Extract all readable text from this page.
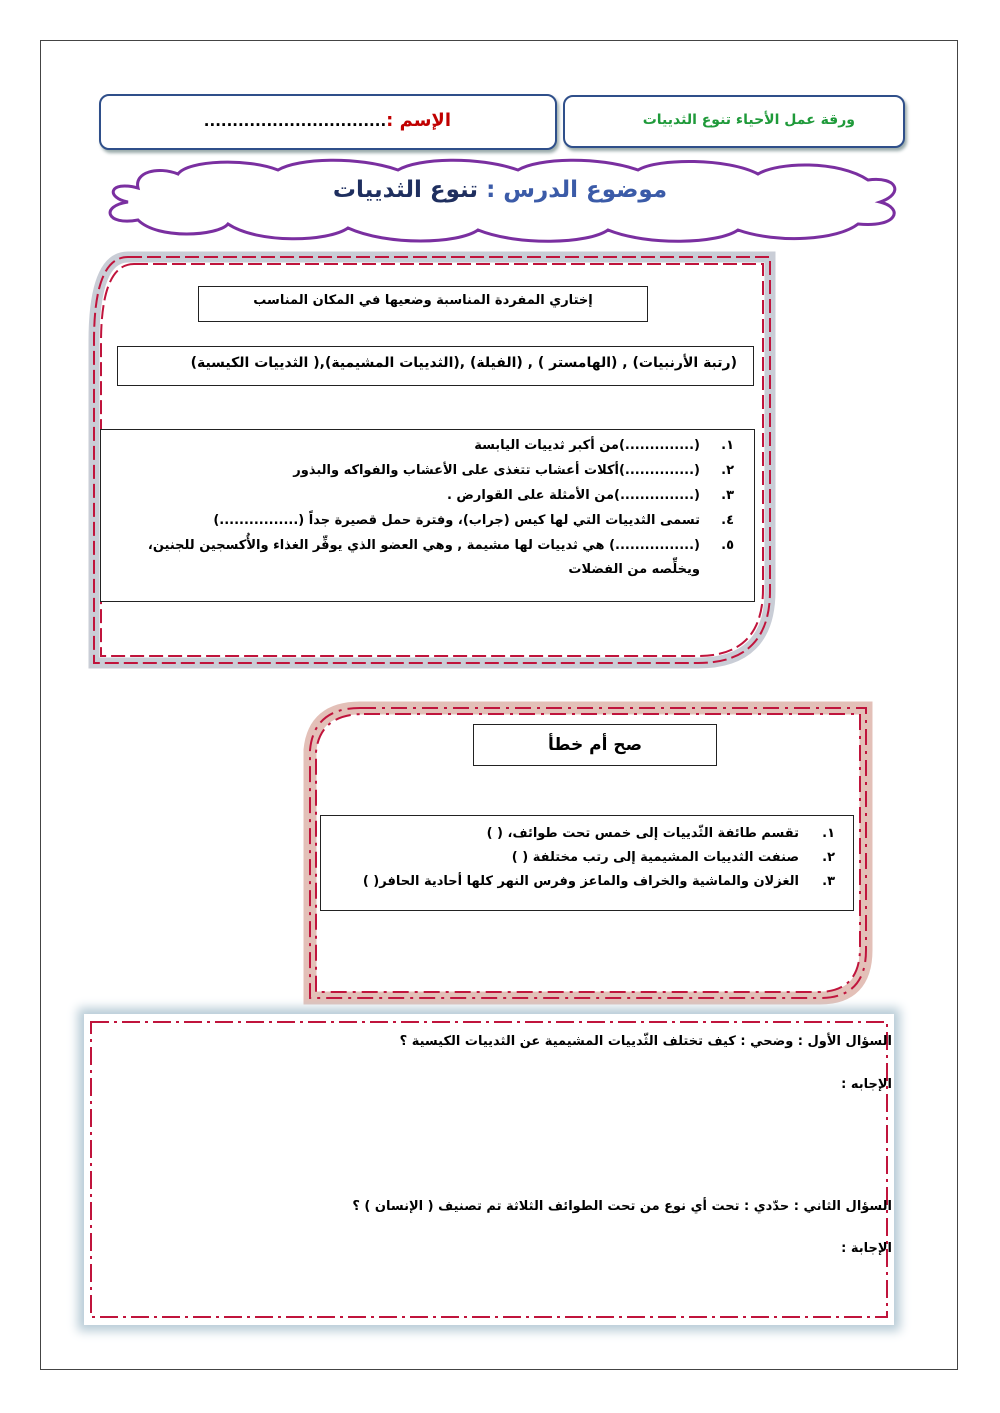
ورقة عمل الأحياء تنوع الثدييات
الإسم :................................
موضوع الدرس : تنوع الثدييات
إختاري المفردة المناسبة وضعيها في المكان المناسب
(رتبة الأرنبيات) , (الهامستر ) , (الفيلة) ,(الثدييات المشيمية),( الثدييات الكيسية)
١.(..............)من أكبر ثدييات اليابسة
٢.(..............)أكلات أعشاب تتغذى على الأعشاب والفواكه والبذور
٣.(...............)من الأمثلة على القوارض .
٤.تسمى الثدييات التي لها كيس (جراب)، وفترة حمل قصيرة جداً (................)
٥.(................) هي ثدييات لها مشيمة , وهي العضو الذي يوفِّر الغذاء والأُكسجين للجنين،
ويخلِّصه من الفضلات
صح أم خطأ
١.تقسم طائفة الثّدييات إلى خمس تحت طوائف، ( )
٢.صنفت الثدييات المشيمية إلى رتب مختلفة ( )
٣.الغزلان والماشية والخراف والماعز وفرس النهر كلها أحادية الحافر( )
السؤال الأول : وضحي : كيف تختلف الثّدييات المشيمية عن الثدييات الكيسية ؟
الإجابه :
السؤال الثاني : حدّدي : تحت أي نوع من تحت الطوائف الثلاثة تم تصنيف ( الإنسان ) ؟
الإجابة :
